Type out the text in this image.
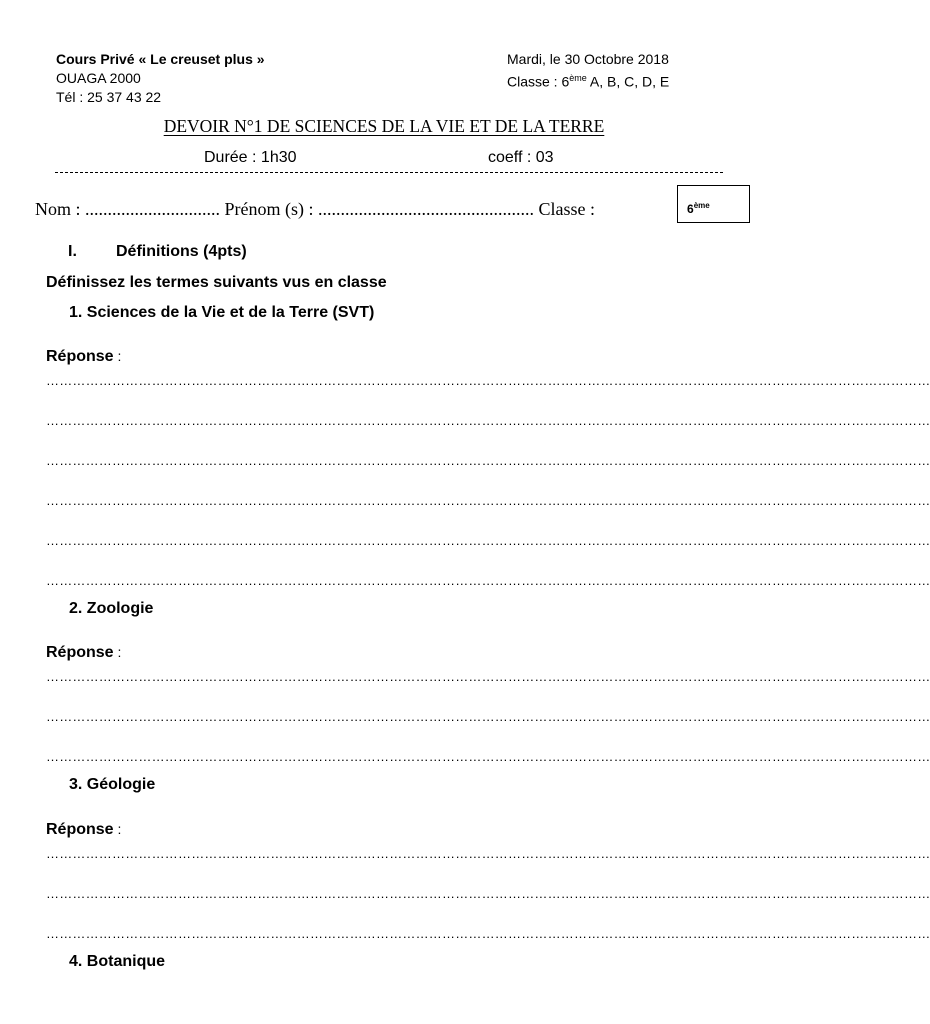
Cours Privé « Le creuset plus »
OUAGA 2000
Tél : 25 37 43 22
Mardi, le 30 Octobre 2018
Classe : 6ème A, B, C, D, E
DEVOIR N°1 DE SCIENCES DE LA VIE ET DE LA TERRE
Durée : 1h30	coeff : 03
Nom : .............................. Prénom (s) : ................................................ Classe :	6ème
I. Définitions (4pts)
Définissez les termes suivants vus en classe
1. Sciences de la Vie et de la Terre (SVT)
Réponse :
…………………………………………………………………………………………………………………………………………………………………………………
…………………………………………………………………………………………………………………………………………………………………………………
…………………………………………………………………………………………………………………………………………………………………………………
…………………………………………………………………………………………………………………………………………………………………………………
…………………………………………………………………………………………………………………………………………………………………………………
…………………………………………………………………………………………………………………………………………………………………………………
2. Zoologie
Réponse :
…………………………………………………………………………………………………………………………………………………………………………………
…………………………………………………………………………………………………………………………………………………………………………………
…………………………………………………………………………………………………………………………………………………………………………………
3. Géologie
Réponse :
…………………………………………………………………………………………………………………………………………………………………………………
…………………………………………………………………………………………………………………………………………………………………………………
…………………………………………………………………………………………………………………………………………………………………………………
4. Botanique
